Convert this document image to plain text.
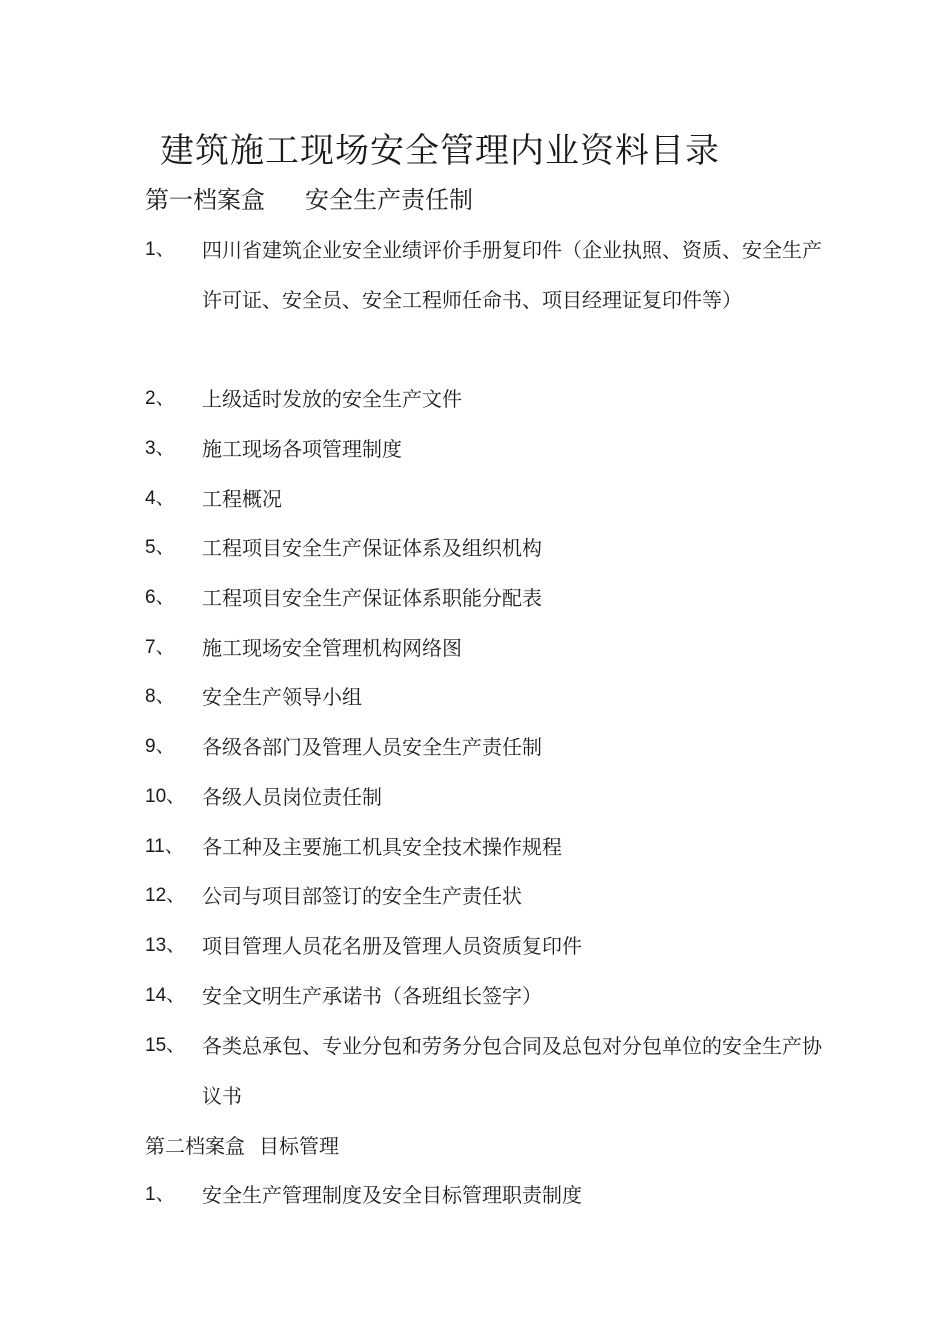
建筑施工现场安全管理内业资料目录
第一档案盒 安全生产责任制
1、 四川省建筑企业安全业绩评价手册复印件（企业执照、资质、安全生产许可证、安全员、安全工程师任命书、项目经理证复印件等）
2、 上级适时发放的安全生产文件
3、 施工现场各项管理制度
4、 工程概况
5、 工程项目安全生产保证体系及组织机构
6、 工程项目安全生产保证体系职能分配表
7、 施工现场安全管理机构网络图
8、 安全生产领导小组
9、 各级各部门及管理人员安全生产责任制
10、 各级人员岗位责任制
11、 各工种及主要施工机具安全技术操作规程
12、 公司与项目部签订的安全生产责任状
13、 项目管理人员花名册及管理人员资质复印件
14、 安全文明生产承诺书（各班组长签字）
15、 各类总承包、专业分包和劳务分包合同及总包对分包单位的安全生产协议书
第二档案盒 目标管理
1、 安全生产管理制度及安全目标管理职责制度
